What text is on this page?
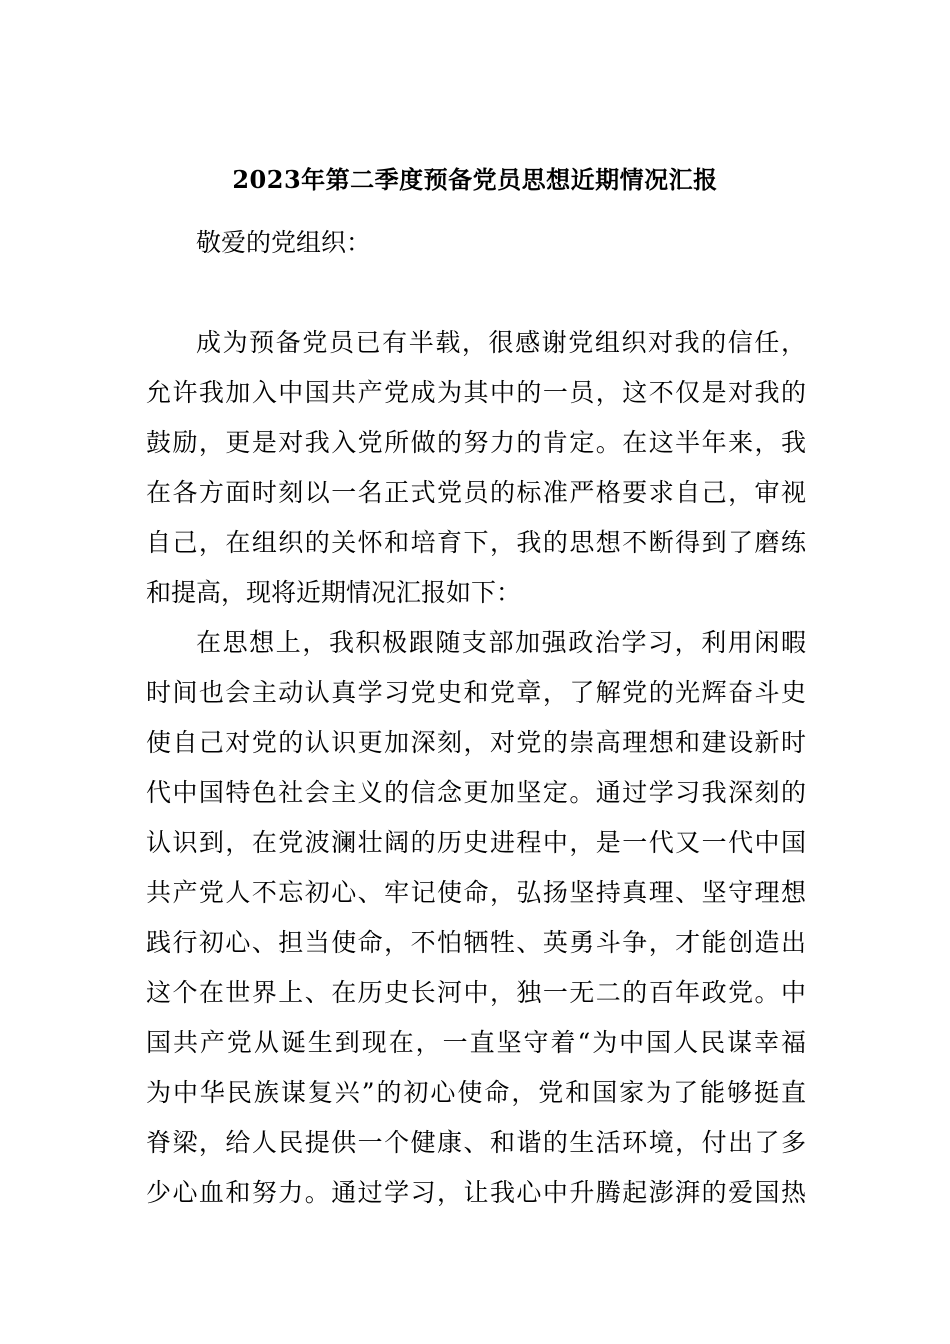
2023年第二季度预备党员思想近期情况汇报
敬爱的党组织：
成为预备党员已有半载，很感谢党组织对我的信任，
允许我加入中国共产党成为其中的一员，这不仅是对我的
鼓励，更是对我入党所做的努力的肯定。在这半年来，我
在各方面时刻以一名正式党员的标准严格要求自己，审视
自己，在组织的关怀和培育下，我的思想不断得到了磨练
和提高，现将近期情况汇报如下：
在思想上，我积极跟随支部加强政治学习，利用闲暇
时间也会主动认真学习党史和党章，了解党的光辉奋斗史
使自己对党的认识更加深刻，对党的崇高理想和建设新时
代中国特色社会主义的信念更加坚定。通过学习我深刻的
认识到，在党波澜壮阔的历史进程中，是一代又一代中国
共产党人不忘初心、牢记使命，弘扬坚持真理、坚守理想
践行初心、担当使命，不怕牺牲、英勇斗争，才能创造出
这个在世界上、在历史长河中，独一无二的百年政党。中
国共产党从诞生到现在，一直坚守着“为中国人民谋幸福
为中华民族谋复兴”的初心使命，党和国家为了能够挺直
脊梁，给人民提供一个健康、和谐的生活环境，付出了多
少心血和努力。通过学习，让我心中升腾起澎湃的爱国热
